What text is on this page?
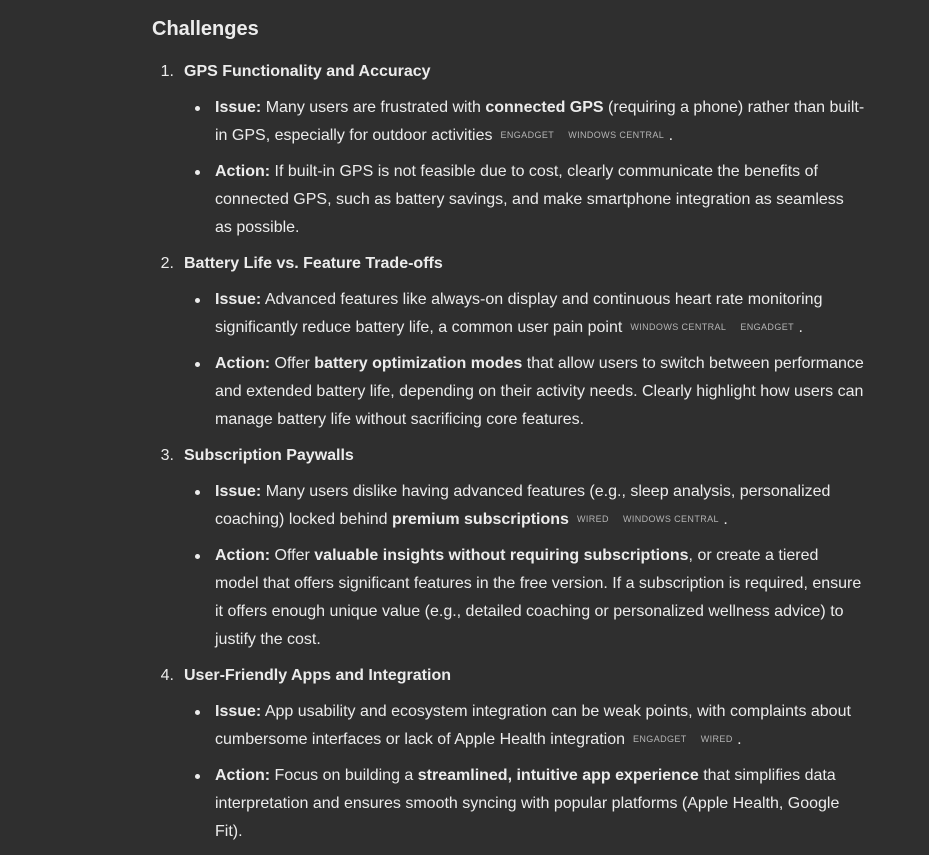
Challenges
1. GPS Functionality and Accuracy
Issue: Many users are frustrated with connected GPS (requiring a phone) rather than built-in GPS, especially for outdoor activities ENGADGET WINDOWS CENTRAL .
Action: If built-in GPS is not feasible due to cost, clearly communicate the benefits of connected GPS, such as battery savings, and make smartphone integration as seamless as possible.
2. Battery Life vs. Feature Trade-offs
Issue: Advanced features like always-on display and continuous heart rate monitoring significantly reduce battery life, a common user pain point WINDOWS CENTRAL ENGADGET .
Action: Offer battery optimization modes that allow users to switch between performance and extended battery life, depending on their activity needs. Clearly highlight how users can manage battery life without sacrificing core features.
3. Subscription Paywalls
Issue: Many users dislike having advanced features (e.g., sleep analysis, personalized coaching) locked behind premium subscriptions WIRED WINDOWS CENTRAL .
Action: Offer valuable insights without requiring subscriptions, or create a tiered model that offers significant features in the free version. If a subscription is required, ensure it offers enough unique value (e.g., detailed coaching or personalized wellness advice) to justify the cost.
4. User-Friendly Apps and Integration
Issue: App usability and ecosystem integration can be weak points, with complaints about cumbersome interfaces or lack of Apple Health integration ENGADGET WIRED .
Action: Focus on building a streamlined, intuitive app experience that simplifies data interpretation and ensures smooth syncing with popular platforms (Apple Health, Google Fit).
